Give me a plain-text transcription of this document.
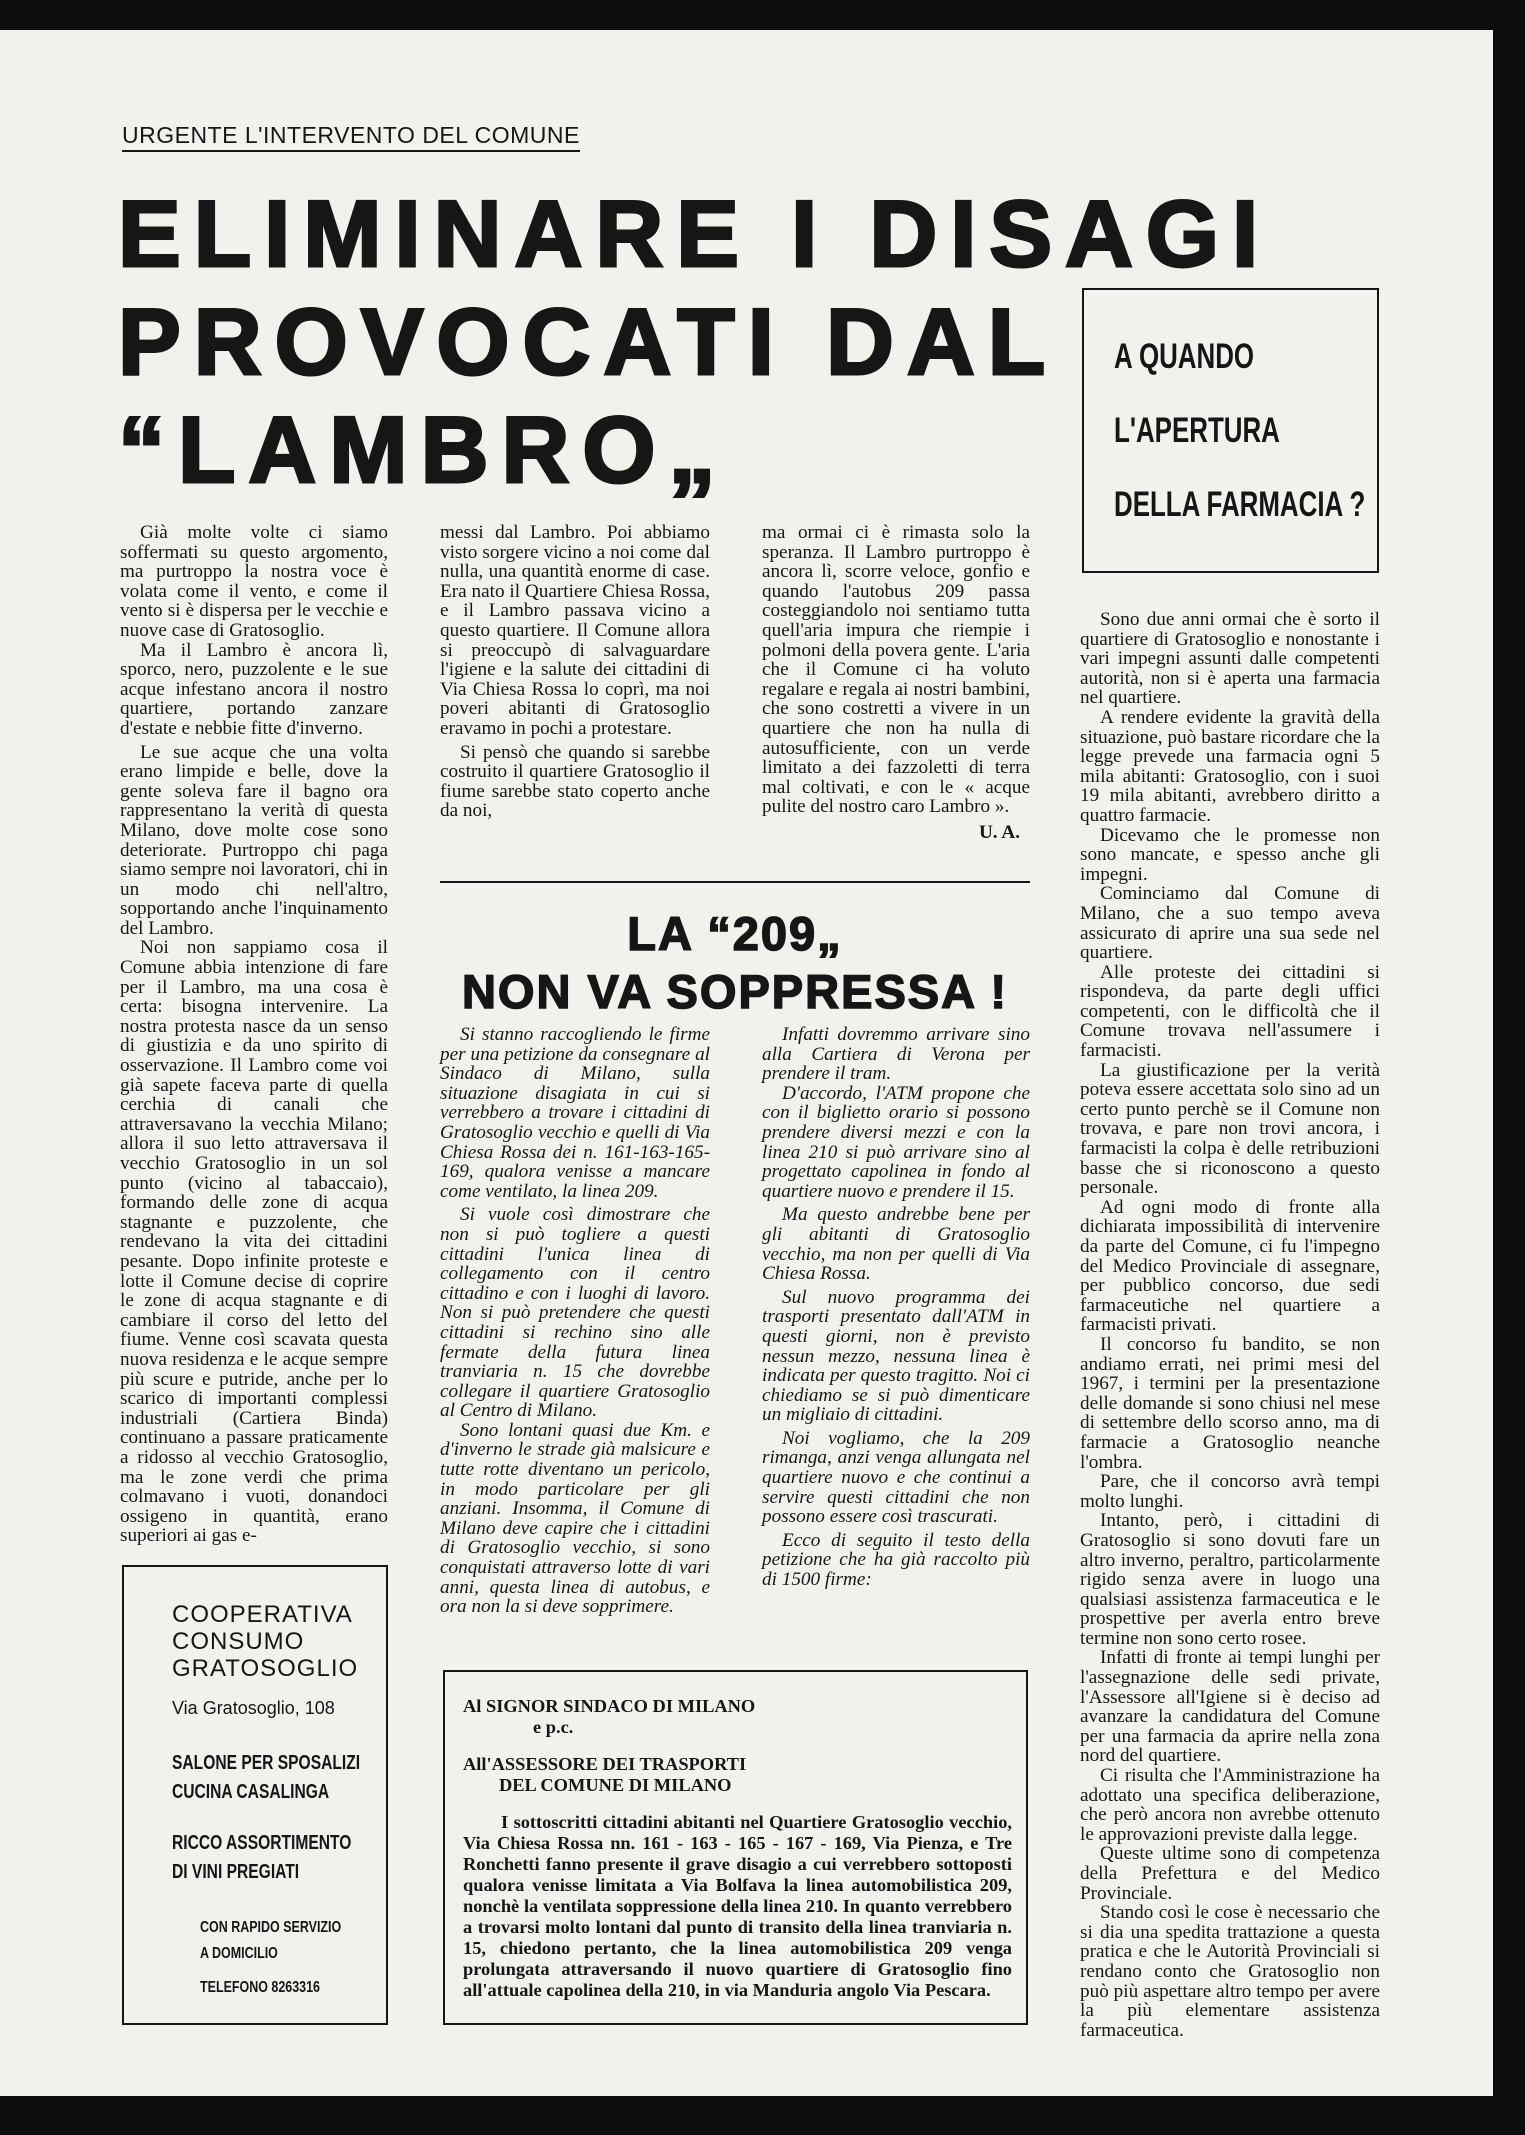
URGENTE L'INTERVENTO DEL COMUNE
ELIMINARE I DISAGI
PROVOCATI DAL
“LAMBRO„
A QUANDO
L'APERTURA
DELLA FARMACIA ?

Già molte volte ci siamo soffermati su questo argomento, ma purtroppo la nostra voce è volata come il vento, e come il vento si è dispersa per le vecchie e nuove case di Gratosoglio.

Ma il Lambro è ancora lì, sporco, nero, puzzolente e le sue acque infestano ancora il nostro quartiere, portando zanzare d'estate e nebbie fitte d'inverno.

Le sue acque che una volta erano limpide e belle, dove la gente soleva fare il bagno ora rappresentano la verità di questa Milano, dove molte cose sono deteriorate. Purtroppo chi paga siamo sempre noi lavoratori, chi in un modo chi nell'altro, sopportando anche l'inquinamento del Lambro.

Noi non sappiamo cosa il Comune abbia intenzione di fare per il Lambro, ma una cosa è certa: bisogna intervenire. La nostra protesta nasce da un senso di giustizia e da uno spirito di osservazione. Il Lambro come voi già sapete faceva parte di quella cerchia di canali che attraversavano la vecchia Milano; allora il suo letto attraversava il vecchio Gratosoglio in un sol punto (vicino al tabaccaio), formando delle zone di acqua stagnante e puzzolente, che rendevano la vita dei cittadini pesante. Dopo infinite proteste e lotte il Comune decise di coprire le zone di acqua stagnante e di cambiare il corso del letto del fiume. Venne così scavata questa nuova residenza e le acque sempre più scure e putride, anche per lo scarico di importanti complessi industriali (Cartiera Binda) continuano a passare praticamente a ridosso al vecchio Gratosoglio, ma le zone verdi che prima colmavano i vuoti, donandoci ossigeno in quantità, erano superiori ai gas e-

messi dal Lambro. Poi abbiamo visto sorgere vicino a noi come dal nulla, una quantità enorme di case. Era nato il Quartiere Chiesa Rossa, e il Lambro passava vicino a questo quartiere. Il Comune allora si preoccupò di salvaguardare l'igiene e la salute dei cittadini di Via Chiesa Rossa lo coprì, ma noi poveri abitanti di Gratosoglio eravamo in pochi a protestare.

Si pensò che quando si sarebbe costruito il quartiere Gratosoglio il fiume sarebbe stato coperto anche da noi,

ma ormai ci è rimasta solo la speranza. Il Lambro purtroppo è ancora lì, scorre veloce, gonfio e quando l'autobus 209 passa costeggiandolo noi sentiamo tutta quell'aria impura che riempie i polmoni della povera gente. L'aria che il Comune ci ha voluto regalare e regala ai nostri bambini, che sono costretti a vivere in un quartiere che non ha nulla di autosufficiente, con un verde limitato a dei fazzoletti di terra mal coltivati, e con le « acque pulite del nostro caro Lambro ».

U. A.
LA “209„
NON VA SOPPRESSA !

Si stanno raccogliendo le firme per una petizione da consegnare al Sindaco di Milano, sulla situazione disagiata in cui si verrebbero a trovare i cittadini di Gratosoglio vecchio e quelli di Via Chiesa Rossa dei n. 161-163-165-169, qualora venisse a mancare come ventilato, la linea 209.

Si vuole così dimostrare che non si può togliere a questi cittadini l'unica linea di collegamento con il centro cittadino e con i luoghi di lavoro. Non si può pretendere che questi cittadini si rechino sino alle fermate della futura linea tranviaria n. 15 che dovrebbe collegare il quartiere Gratosoglio al Centro di Milano.

Sono lontani quasi due Km. e d'inverno le strade già malsicure e tutte rotte diventano un pericolo, in modo particolare per gli anziani. Insomma, il Comune di Milano deve capire che i cittadini di Gratosoglio vecchio, si sono conquistati attraverso lotte di vari anni, questa linea di autobus, e ora non la si deve sopprimere.

Infatti dovremmo arrivare sino alla Cartiera di Verona per prendere il tram.

D'accordo, l'ATM propone che con il biglietto orario si possono prendere diversi mezzi e con la linea 210 si può arrivare sino al progettato capolinea in fondo al quartiere nuovo e prendere il 15.

Ma questo andrebbe bene per gli abitanti di Gratosoglio vecchio, ma non per quelli di Via Chiesa Rossa.

Sul nuovo programma dei trasporti presentato dall'ATM in questi giorni, non è previsto nessun mezzo, nessuna linea è indicata per questo tragitto. Noi ci chiediamo se si può dimenticare un migliaio di cittadini.

Noi vogliamo, che la 209 rimanga, anzi venga allungata nel quartiere nuovo e che continui a servire questi cittadini che non possono essere così trascurati.

Ecco di seguito il testo della petizione che ha già raccolto più di 1500 firme:

Sono due anni ormai che è sorto il quartiere di Gratosoglio e nonostante i vari impegni assunti dalle competenti autorità, non si è aperta una farmacia nel quartiere.

A rendere evidente la gravità della situazione, può bastare ricordare che la legge prevede una farmacia ogni 5 mila abitanti: Gratosoglio, con i suoi 19 mila abitanti, avrebbero diritto a quattro farmacie.

Dicevamo che le promesse non sono mancate, e spesso anche gli impegni.

Cominciamo dal Comune di Milano, che a suo tempo aveva assicurato di aprire una sua sede nel quartiere.

Alle proteste dei cittadini si rispondeva, da parte degli uffici competenti, con le difficoltà che il Comune trovava nell'assumere i farmacisti.

La giustificazione per la verità poteva essere accettata solo sino ad un certo punto perchè se il Comune non trovava, e pare non trovi ancora, i farmacisti la colpa è delle retribuzioni basse che si riconoscono a questo personale.

Ad ogni modo di fronte alla dichiarata impossibilità di intervenire da parte del Comune, ci fu l'impegno del Medico Provinciale di assegnare, per pubblico concorso, due sedi farmaceutiche nel quartiere a farmacisti privati.

Il concorso fu bandito, se non andiamo errati, nei primi mesi del 1967, i termini per la presentazione delle domande si sono chiusi nel mese di settembre dello scorso anno, ma di farmacie a Gratosoglio neanche l'ombra.

Pare, che il concorso avrà tempi molto lunghi.

Intanto, però, i cittadini di Gratosoglio si sono dovuti fare un altro inverno, peraltro, particolarmente rigido senza avere in luogo una qualsiasi assistenza farmaceutica e le prospettive per averla entro breve termine non sono certo rosee.

Infatti di fronte ai tempi lunghi per l'assegnazione delle sedi private, l'Assessore all'Igiene si è deciso ad avanzare la candidatura del Comune per una farmacia da aprire nella zona nord del quartiere.

Ci risulta che l'Amministrazione ha adottato una specifica deliberazione, che però ancora non avrebbe ottenuto le approvazioni previste dalla legge.

Queste ultime sono di competenza della Prefettura e del Medico Provinciale.

Stando così le cose è necessario che si dia una spedita trattazione a questa pratica e che le Autorità Provinciali si rendano conto che Gratosoglio non può più aspettare altro tempo per avere la più elementare assistenza farmaceutica.

COOPERATIVA

CONSUMO

GRATOSOGLIO

Via Gratosoglio, 108

SALONE PER SPOSALIZI
CUCINA CASALINGA
RICCO ASSORTIMENTO
DI VINI PREGIATI
CON RAPIDO SERVIZIO
A DOMICILIO
TELEFONO 8263316

Al SIGNOR SINDACO DI MILANO

e p.c.

All'ASSESSORE DEI TRASPORTI

DEL COMUNE DI MILANO

I sottoscritti cittadini abitanti nel Quartiere Gratosoglio vecchio, Via Chiesa Rossa nn. 161 - 163 - 165 - 167 - 169, Via Pienza, e Tre Ronchetti fanno presente il grave disagio a cui verrebbero sottoposti qualora venisse limitata a Via Bolfava la linea automobilistica 209, nonchè la ventilata soppressione della linea 210. In quanto verrebbero a trovarsi molto lontani dal punto di transito della linea tranviaria n. 15, chiedono pertanto, che la linea automobilistica 209 venga prolungata attraversando il nuovo quartiere di Gratosoglio fino all'attuale capolinea della 210, in via Manduria angolo Via Pescara.
